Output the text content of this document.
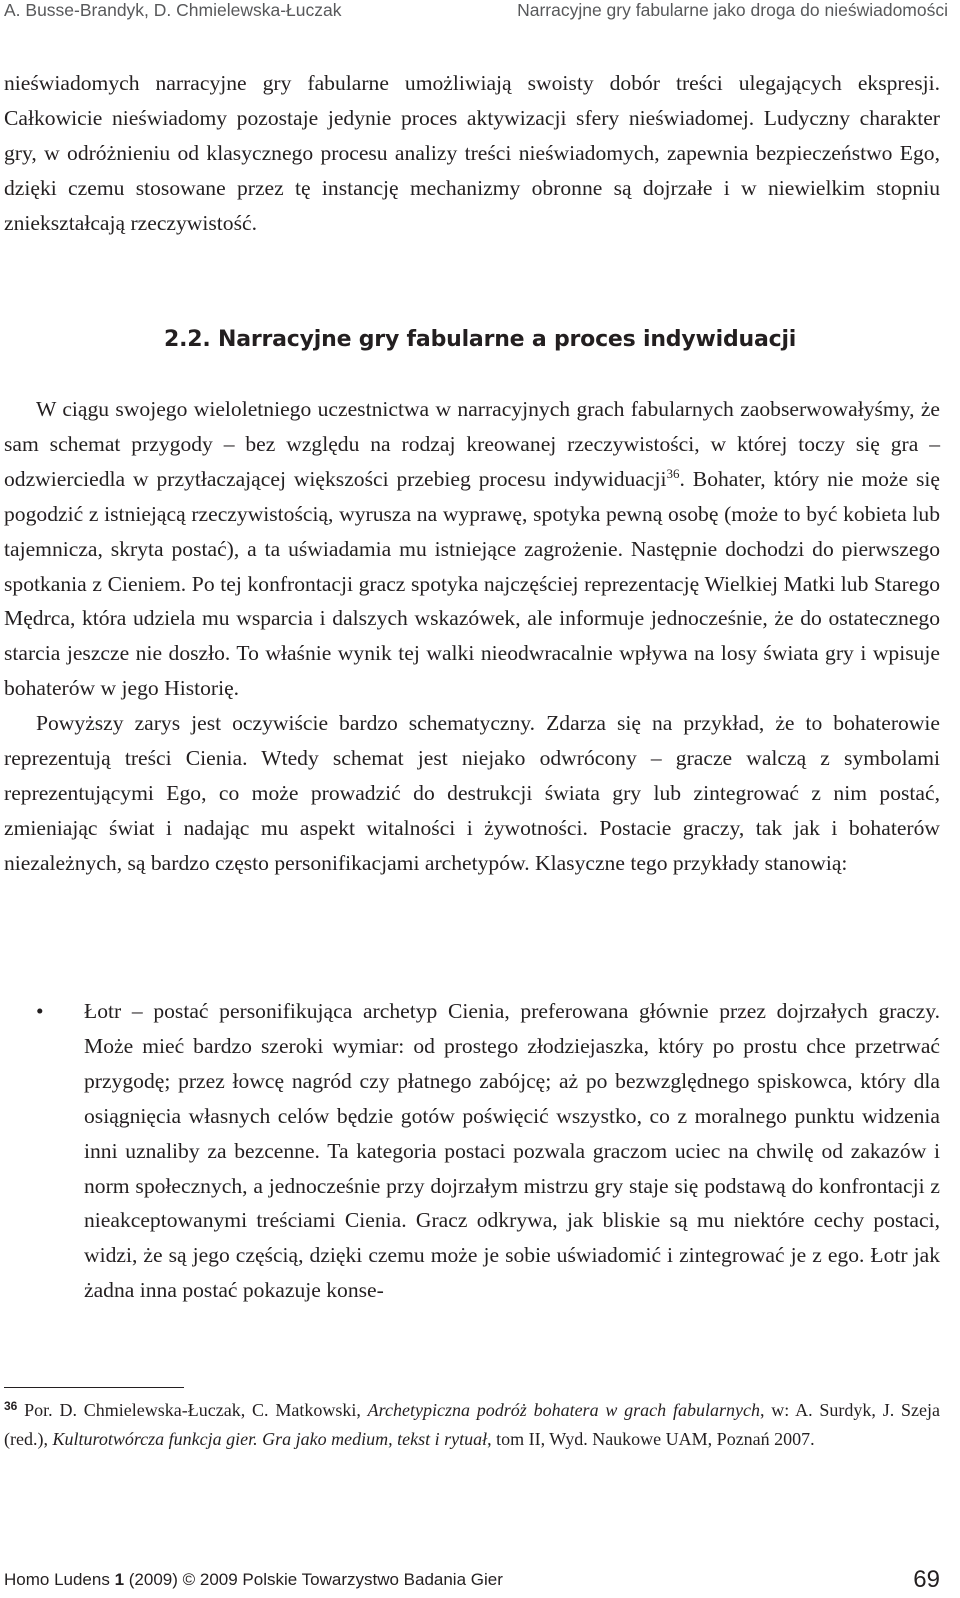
A. Busse-Brandyk, D. Chmielewska-Łuczak	Narracyjne gry fabularne jako droga do nieświadomości

nieświadomych narracyjne gry fabularne umożliwiają swoisty dobór treści ulegających ekspresji. Całkowicie nieświadomy pozostaje jedynie proces aktywizacji sfery nieświadomej. Ludyczny charakter gry, w odróżnieniu od klasycznego procesu analizy treści nieświadomych, zapewnia bezpieczeństwo Ego, dzięki czemu stosowane przez tę instancję mechanizmy obronne są dojrzałe i w niewielkim stopniu zniekształcają rzeczywistość.

2.2. Narracyjne gry fabularne a proces indywiduacji

W ciągu swojego wieloletniego uczestnictwa w narracyjnych grach fabularnych zaobserwowałyśmy, że sam schemat przygody – bez względu na rodzaj kreowanej rzeczywistości, w której toczy się gra – odzwierciedla w przytłaczającej większości przebieg procesu indywiduacji$^{36}$. Bohater, który nie może się pogodzić z istniejącą rzeczywistością, wyrusza na wyprawę, spotyka pewną osobę (może to być kobieta lub tajemnicza, skryta postać), a ta uświadamia mu istniejące zagrożenie. Następnie dochodzi do pierwszego spotkania z Cieniem. Po tej konfrontacji gracz spotyka najczęściej reprezentację Wielkiej Matki lub Starego Mędrca, która udziela mu wsparcia i dalszych wskazówek, ale informuje jednocześnie, że do ostatecznego starcia jeszcze nie doszło. To właśnie wynik tej walki nieodwracalnie wpływa na losy świata gry i wpisuje bohaterów w jego Historię.

Powyższy zarys jest oczywiście bardzo schematyczny. Zdarza się na przykład, że to bohaterowie reprezentują treści Cienia. Wtedy schemat jest niejako odwrócony – gracze walczą z symbolami reprezentującymi Ego, co może prowadzić do destrukcji świata gry lub zintegrować z nim postać, zmieniając świat i nadając mu aspekt witalności i żywotności. Postacie graczy, tak jak i bohaterów niezależnych, są bardzo często personifikacjami archetypów. Klasyczne tego przykłady stanowią:

• Łotr – postać personifikująca archetyp Cienia, preferowana głównie przez dojrzałych graczy. Może mieć bardzo szeroki wymiar: od prostego złodziejaszka, który po prostu chce przetrwać przygodę; przez łowcę nagród czy płatnego zabójcę; aż po bezwzględnego spiskowca, który dla osiągnięcia własnych celów będzie gotów poświęcić wszystko, co z moralnego punktu widzenia inni uznaliby za bezcenne. Ta kategoria postaci pozwala graczom uciec na chwilę od zakazów i norm społecznych, a jednocześnie przy dojrzałym mistrzu gry staje się podstawą do konfrontacji z nieakceptowanymi treściami Cienia. Gracz odkrywa, jak bliskie są mu niektóre cechy postaci, widzi, że są jego częścią, dzięki czemu może je sobie uświadomić i zintegrować je z ego. Łotr jak żadna inna postać pokazuje konse-
$^{36}$ Por. D. Chmielewska-Łuczak, C. Matkowski, Archetypiczna podróż bohatera w grach fabularnych, w: A. Surdyk, J. Szeja (red.), Kulturotwórcza funkcja gier. Gra jako medium, tekst i rytuał, tom II, Wyd. Naukowe UAM, Poznań 2007.
Homo Ludens 1 (2009) © 2009 Polskie Towarzystwo Badania Gier	69
